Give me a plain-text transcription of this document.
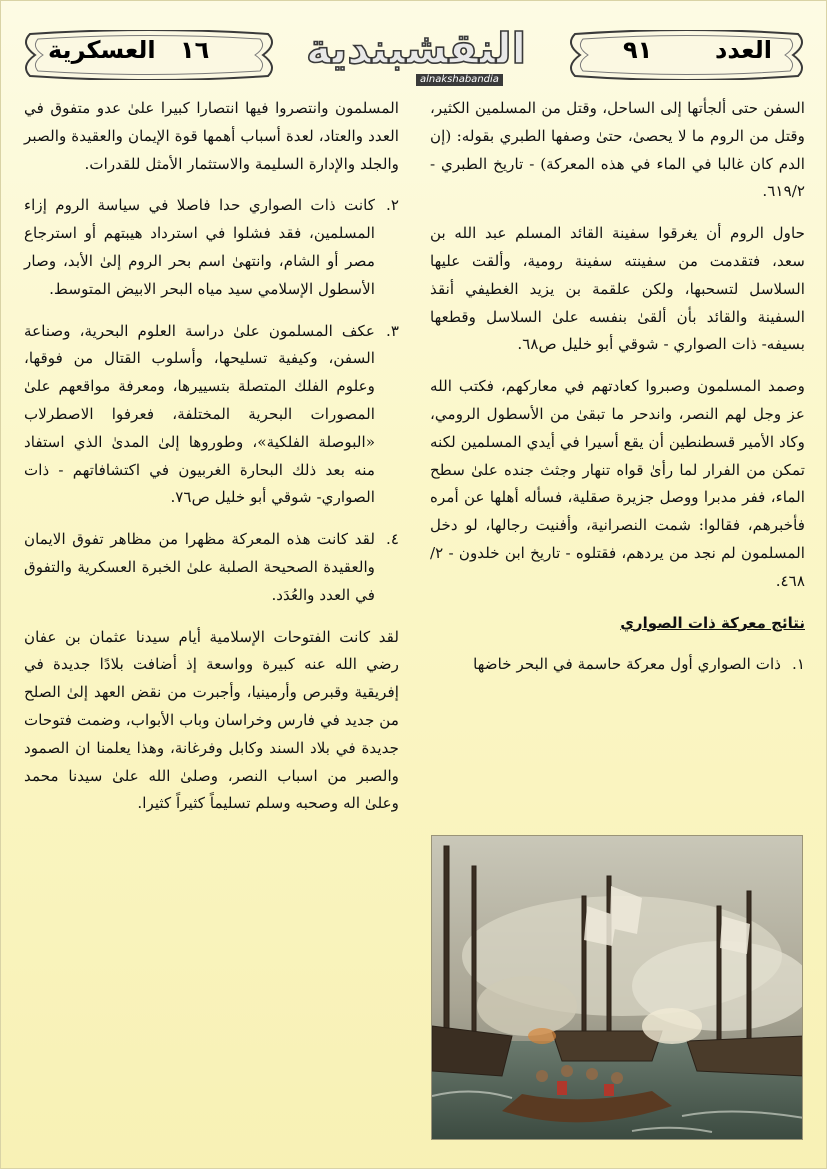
العدد
٩١
النقشبندية
alnakshabandia
١٦
العسكرية

السفن حتى ألجأتها إلى الساحل، وقتل من المسلمين الكثير، وقتل من الروم ما لا يحصىٰ، حتىٰ وصفها الطبري بقوله: (إن الدم كان غالبا في الماء في هذه المعركة) - تاريخ الطبري - ٦١٩/٢.

حاول الروم أن يغرقوا سفينة القائد المسلم عبد الله بن سعد، فتقدمت من سفينته سفينة رومية، وألقت عليها السلاسل لتسحبها، ولكن علقمة بن يزيد الغطيفي أنقذ السفينة والقائد بأن ألقىٰ بنفسه علىٰ السلاسل وقطعها بسيفه- ذات الصواري - شوقي أبو خليل ص٦٨.

وصمد المسلمون وصبروا كعادتهم في معاركهم، فكتب الله عز وجل لهم النصر، واندحر ما تبقىٰ من الأسطول الرومي، وكاد الأمير قسطنطين أن يقع أسيرا في أيدي المسلمين لكنه تمكن من الفرار لما رأىٰ قواه تنهار وجثث جنده علىٰ سطح الماء، ففر مدبرا ووصل جزيرة صقلية، فسأله أهلها عن أمره فأخبرهم، فقالوا: شمت النصرانية، وأفنيت رجالها، لو دخل المسلمون لم نجد من يردهم، فقتلوه - تاريخ ابن خلدون - ٢/ ٤٦٨.

نتائج معركة ذات الصواري
١.
ذات الصواري أول معركة حاسمة في البحر خاضها

المسلمون وانتصروا فيها انتصارا كبيرا علىٰ عدو متفوق في العدد والعتاد، لعدة أسباب أهمها قوة الإيمان والعقيدة والصبر والجلد والإدارة السليمة والاستثمار الأمثل للقدرات.

٢.
كانت ذات الصواري حدا فاصلا في سياسة الروم إزاء المسلمين، فقد فشلوا في استرداد هيبتهم أو استرجاع مصر أو الشام، وانتهىٰ اسم بحر الروم إلىٰ الأبد، وصار الأسطول الإسلامي سيد مياه البحر الابيض المتوسط.
٣.
عكف المسلمون علىٰ دراسة العلوم البحرية، وصناعة السفن، وكيفية تسليحها، وأسلوب القتال من فوقها، وعلوم الفلك المتصلة بتسييرها، ومعرفة مواقعهم علىٰ المصورات البحرية المختلفة، فعرفوا الاصطرلاب «البوصلة الفلكية»، وطوروها إلىٰ المدىٰ الذي استفاد منه بعد ذلك البحارة الغربيون في اكتشافاتهم - ذات الصواري- شوقي أبو خليل ص٧٦.
٤.
لقد كانت هذه المعركة مظهرا من مظاهر تفوق الايمان والعقيدة الصحيحة الصلبة علىٰ الخبرة العسكرية والتفوق في العدد والعُدَد.

لقد كانت الفتوحات الإسلامية أيام سيدنا عثمان بن عفان رضي الله عنه كبيرة وواسعة إذ أضافت بلادًا جديدة في إفريقية وقبرص وأرمينيا، وأجبرت من نقض العهد إلىٰ الصلح من جديد في فارس وخراسان وباب الأبواب، وضمت فتوحات جديدة في بلاد السند وكابل وفرغانة، وهذا يعلمنا ان الصمود والصبر من اسباب النصر، وصلىٰ الله علىٰ سيدنا محمد وعلىٰ اله وصحبه وسلم تسليماً كثيراً كثيرا.
